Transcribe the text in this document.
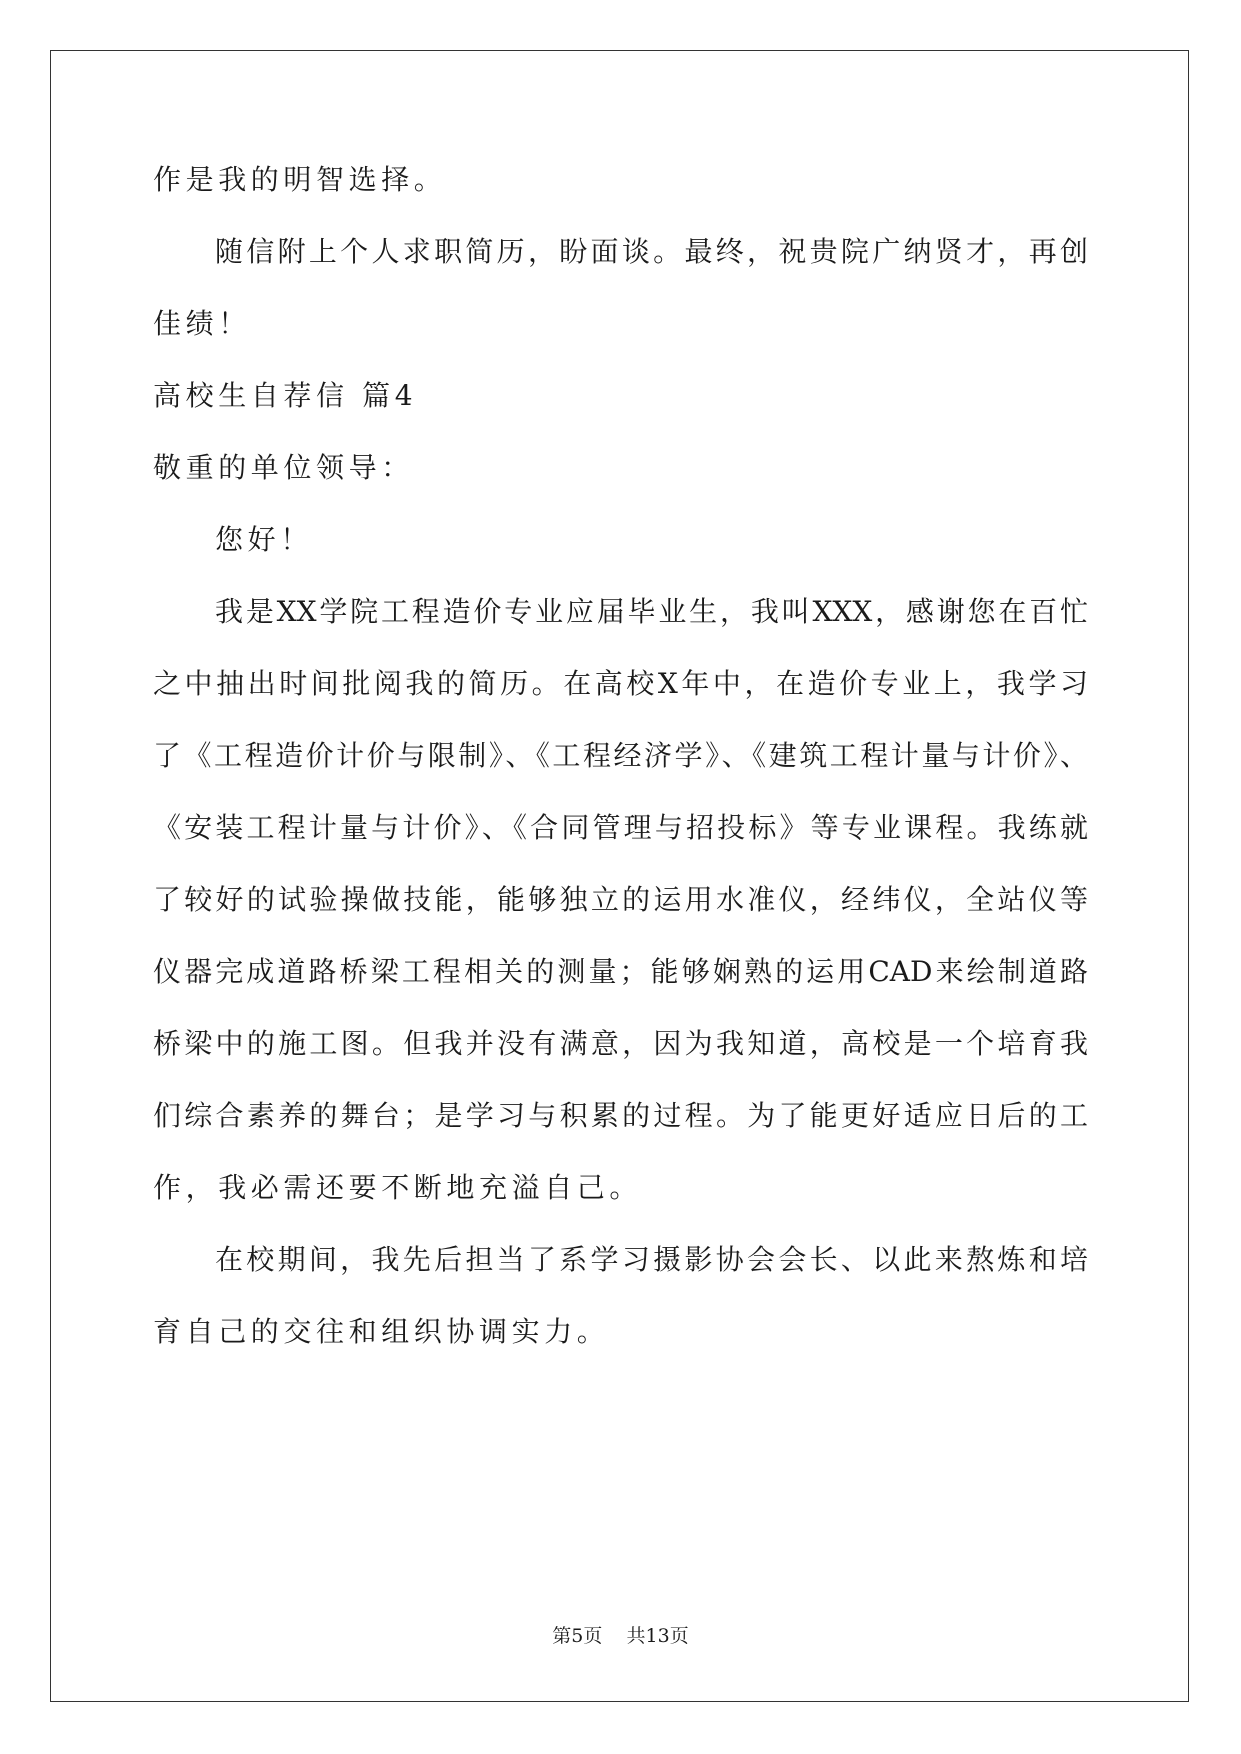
作是我的明智选择。
随信附上个人求职简历，盼面谈。最终，祝贵院广纳贤才，再创
佳绩！
高校生自荐信 篇4
敬重的单位领导：
您好！
我是XX学院工程造价专业应届毕业生，我叫XXX，感谢您在百忙
之中抽出时间批阅我的简历。在高校X年中，在造价专业上，我学习
了《工程造价计价与限制》、《工程经济学》、《建筑工程计量与计价》、
《安装工程计量与计价》、《合同管理与招投标》等专业课程。我练就
了较好的试验操做技能，能够独立的运用水准仪，经纬仪，全站仪等
仪器完成道路桥梁工程相关的测量；能够娴熟的运用CAD来绘制道路
桥梁中的施工图。但我并没有满意，因为我知道，高校是一个培育我
们综合素养的舞台；是学习与积累的过程。为了能更好适应日后的工
作，我必需还要不断地充溢自己。
在校期间，我先后担当了系学习摄影协会会长、以此来熬炼和培
育自己的交往和组织协调实力。
第5页 共13页
